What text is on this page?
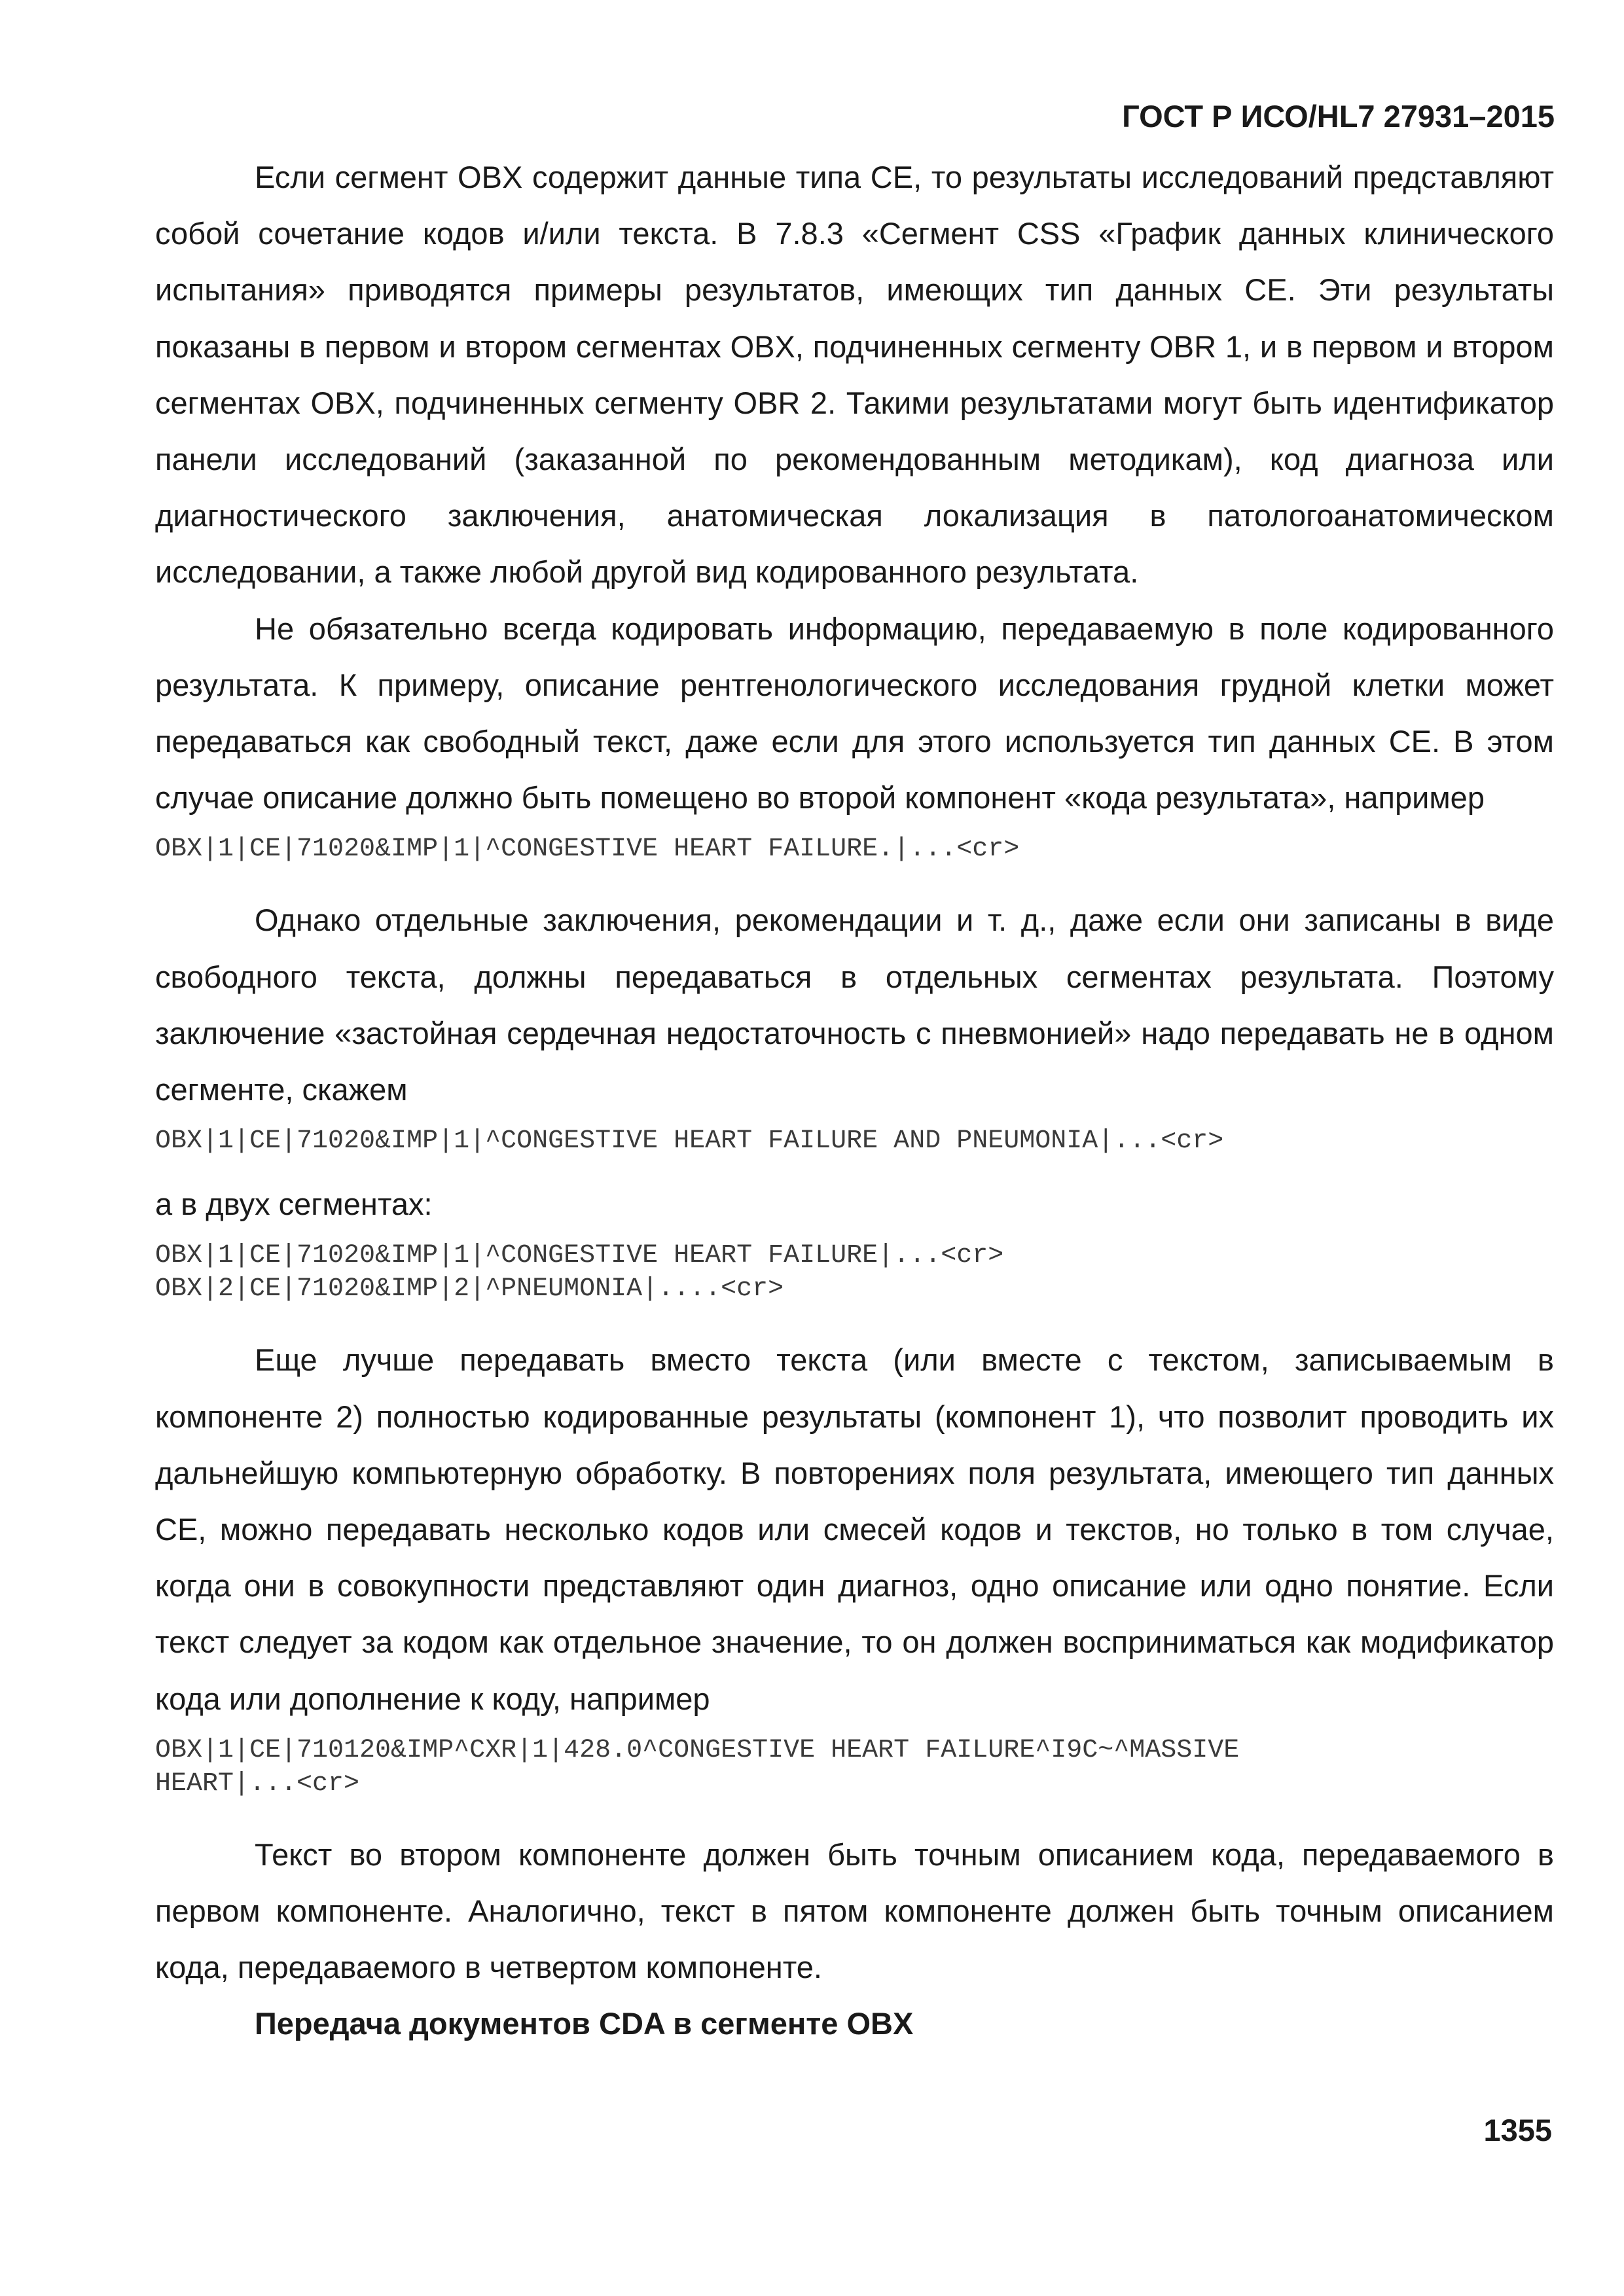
ГОСТ Р ИСО/HL7 27931–2015

Если сегмент OBX содержит данные типа CE, то результаты исследований представляют собой сочетание кодов и/или текста. В 7.8.3 «Сегмент CSS «График данных клинического испытания» приводятся примеры результатов, имеющих тип данных CE. Эти результаты показаны в первом и втором сегментах OBX, подчиненных сегменту OBR 1, и в первом и втором сегментах OBX, подчиненных сегменту OBR 2. Такими результатами могут быть идентификатор панели исследований (заказанной по рекомендованным методикам), код диагноза или диагностического заключения, анатомическая локализация в патологоанатомическом исследовании, а также любой другой вид кодированного результата.

Не обязательно всегда кодировать информацию, передаваемую в поле кодированного результата. К примеру, описание рентгенологического исследования грудной клетки может передаваться как свободный текст, даже если для этого используется тип данных CE. В этом случае описание должно быть помещено во второй компонент «кода результата», например

OBX|1|CE|71020&IMP|1|^CONGESTIVE HEART FAILURE.|...<cr>

Однако отдельные заключения, рекомендации и т. д., даже если они записаны в виде свободного текста, должны передаваться в отдельных сегментах результата. Поэтому заключение «застойная сердечная недостаточность с пневмонией» надо передавать не в одном сегменте, скажем

OBX|1|CE|71020&IMP|1|^CONGESTIVE HEART FAILURE AND PNEUMONIA|...<cr>

а в двух сегментах:

OBX|1|CE|71020&IMP|1|^CONGESTIVE HEART FAILURE|...<cr>
OBX|2|CE|71020&IMP|2|^PNEUMONIA|....<cr>

Еще лучше передавать вместо текста (или вместе с текстом, записываемым в компоненте 2) полностью кодированные результаты (компонент 1), что позволит проводить их дальнейшую компьютерную обработку. В повторениях поля результата, имеющего тип данных CE, можно передавать несколько кодов или смесей кодов и текстов, но только в том случае, когда они в совокупности представляют один диагноз, одно описание или одно понятие. Если текст следует за кодом как отдельное значение, то он должен восприниматься как модификатор кода или дополнение к коду, например

OBX|1|CE|710120&IMP^CXR|1|428.0^CONGESTIVE HEART FAILURE^I9C~^MASSIVE
HEART|...<cr>

Текст во втором компоненте должен быть точным описанием кода, передаваемого в первом компоненте. Аналогично, текст в пятом компоненте должен быть точным описанием кода, передаваемого в четвертом компоненте.

Передача документов CDA в сегменте OBX
1355
